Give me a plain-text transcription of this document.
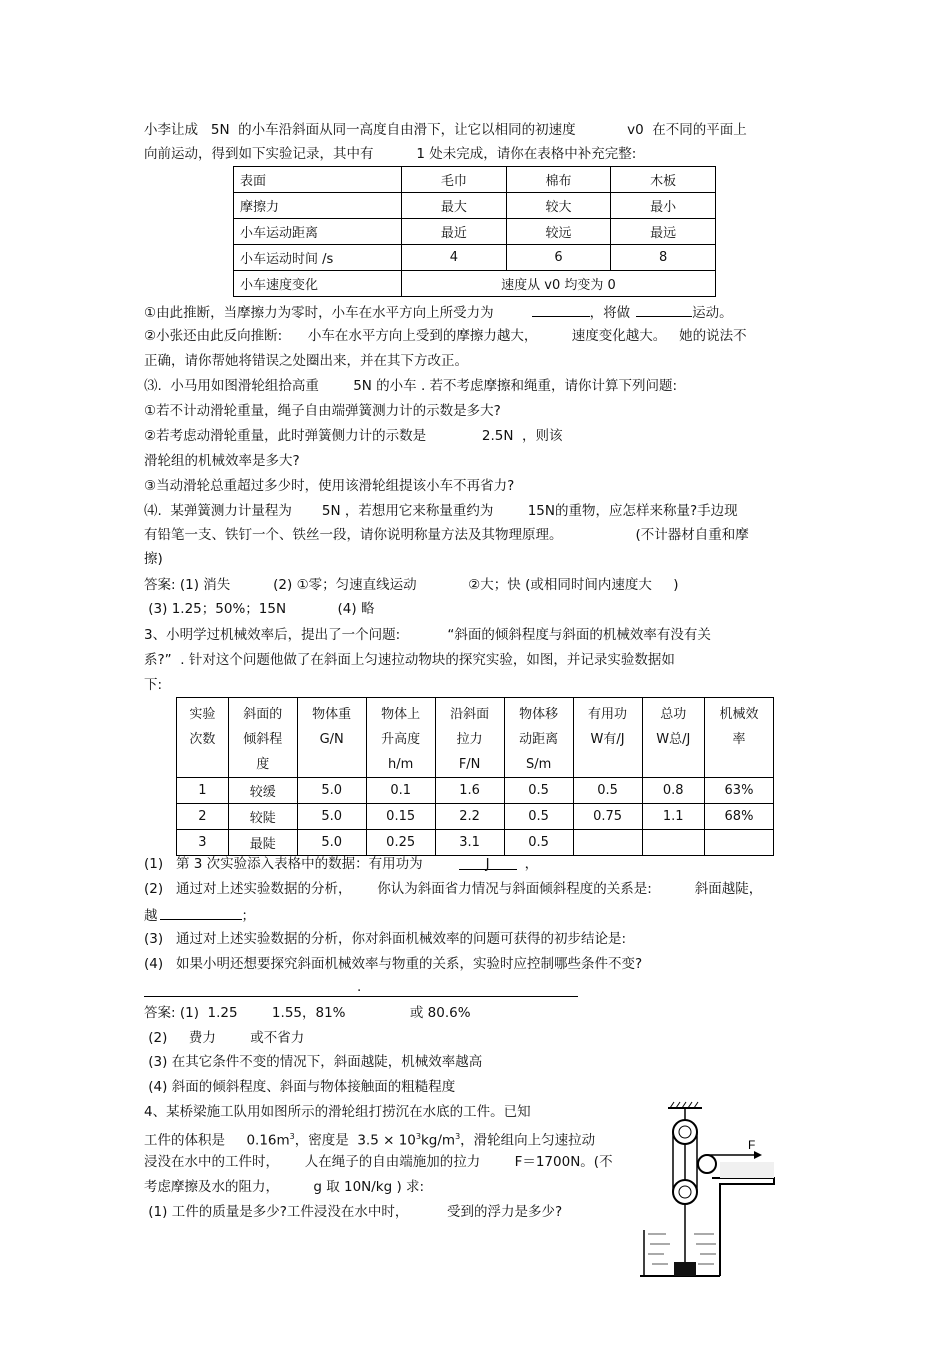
小李让成   5N  的小车沿斜面从同一高度自由滑下，让它以相同的初速度            v0  在不同的平面上
向前运动，得到如下实验记录，其中有          1 处未完成，请你在表格中补充完整:
表面	毛巾	棉布	木板
摩擦力	最大	较大	最小
小车运动距离	最近	较远	最远
小车运动时间 /s	4	6	8
小车速度变化	速度从 v0 均变为 0		
①由此推断，当摩擦力为零时，小车在水平方向上所受力为	，将做	运动。
②小张还由此反向推断:      小车在水平方向上受到的摩擦力越大，        速度变化越大。   她的说法不
正确，请你帮她将错误之处圈出来，并在其下方改正。
⑶.  小马用如图滑轮组拾高重        5N 的小车 . 若不考虑摩擦和绳重，请你计算下列问题:
①若不计动滑轮重量，绳子自由端弹簧测力计的示数是多大?
②若考虑动滑轮重量，此时弹簧侧力计的示数是             2.5N  ，则该
滑轮组的机械效率是多大?
③当动滑轮总重超过多少时，使用该滑轮组提该小车不再省力?
⑷.  某弹簧测力计量程为       5N ，若想用它来称量重约为        15N的重物，应怎样来称量?手边现
有铅笔一支、铁钉一个、铁丝一段，请你说明称量方法及其物理原理。                 (不计器材自重和摩
擦)
答案: (1) 消失          (2) ①零；匀速直线运动            ②大；快 (或相同时间内速度大     )
(3) 1.25；50%；15N            (4) 略
3、小明学过机械效率后，提出了一个问题:           “斜面的倾斜程度与斜面的机械效率有没有关
系?”  . 针对这个问题他做了在斜面上匀速拉动物块的探究实验，如图，并记录实验数据如
下:
实验
次数	斜面的
倾斜程
度	物体重
G/N	物体上
升高度
h/m	沿斜面
拉力
F/N	物体移
动距离
S/m	有用功
W有/J	总功
W总/J	机械效
率
1	较缓	5.0	0.1	1.6	0.5	0.5	0.8	63%
2	较陡	5.0	0.15	2.2	0.5	0.75	1.1	68%
3	最陡	5.0	0.25	3.1	0.5			
(1)   第 3 次实验添入表格中的数据：有用功为	J	，
(2)   通过对上述实验数据的分析，      你认为斜面省力情况与斜面倾斜程度的关系是:          斜面越陡，
越	；
(3)   通过对上述实验数据的分析，你对斜面机械效率的问题可获得的初步结论是:
(4)   如果小明还想要探究斜面机械效率与物重的关系，实验时应控制哪些条件不变?
.
答案: (1)  1.25        1.55，81%               或 80.6%
(2)     费力        或不省力
(3) 在其它条件不变的情况下，斜面越陡，机械效率越高
(4) 斜面的倾斜程度、斜面与物体接触面的粗糙程度
4、某桥梁施工队用如图所示的滑轮组打捞沉在水底的工件。已知
工件的体积是     $0.16m^3$，密度是  $3.5 \times 10^3kg/m^3$，滑轮组向上匀速拉动
浸没在水中的工件时，      人在绳子的自由端施加的拉力        F＝1700N。(不
考虑摩擦及水的阻力，        g 取 10N/kg ) 求:
(1) 工件的质量是多少?工件浸没在水中时，         受到的浮力是多少?
F
